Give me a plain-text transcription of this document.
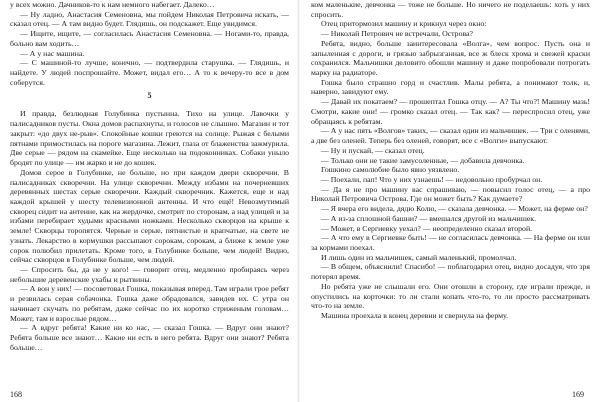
у всех можно. Дачников-то к нам немного набегает. Далеко…

— Ну ладно, Анастасия Семеновна, мы пойдем Николая Петровича искать, — сказал отец. — А там видно будет. Глядишь, он подскажет. Еще увидимся.

— Ищите, ищите, — согласилась Анастасия Семеновна. — Ногами-то, правда, больно вам ходить…

— А у нас машина.

— С машиной-то лучше, конечно, — подтвердила старушка. — Глядишь, и найдете. У людей поспрошайте. Может, видал его… А то к вечеру-то все в дом соберутся.

5

И правда, безлюдная Голубинка пустынна. Тихо на улице. Лавочки у палисадников пусты. Окна домов распахнуты, и голосов не слышно. Магазин и тот закрыт: «до двух не-рыв». Спокойные кошки греются на солнце. Рыжая с белыми пятнами примостилась на пороге магазина. Лежит, глаза от блаженства зажмурила. Две серые — рядом на скамейке. Еще несколько на подоконниках. Собаки уныло бродят по улице — им жарко и не до кошек.

Домов серое в Голубинке, не больше, но при каждом двери скворечни. В палисадниках скворечни. На улице скворечни. Между избами на почерневших деревянных шестах серые скворечни. Каждый скворечник. Кажется, еще и над каждой крышей у шесту телевизионной антенны. И что ещё! Невозмутимый скворец сидит на антенне, как на жердочке, смотрит по сторонам, а над улицей и за избами перебирает худыми красными ножками. Несколько скворцов на крыше к земле! Скворцы торопятся. Черные и серые, пятнистые и крапчатые, на свете не узнать. Лекарство в кормушки рассыпают сорокам, сорокам, а ближе к земле уже сорок полюбил прилетать. Кроме того, в Голубинке больше, чем людей! Видно, сейчас скворцов в Голубинке больше, чем людей.

— Спросить бы, да не у кого! — говорит отец, медленно пробираясь через небольшие деревенские ухабы и рытвины.

— А вон у них! — посоветовал Гошка, показывая вперед. Там играли трое ребят и резвилась серая собачонка. Гошка даже обрадовался, завидев их. С утра он начинает скучать по ребятам, даже сейчас по их коротко стриженым головам… Может, там и взрослые рядом…

— А вдруг ребята! Какие ни ко нас, — сказал Гошка. — Вдруг они знают? Ребята больше все знают… Какие ни есть в него ребята. Вдруг они знают? Ребята больше…

168

ком маленькие, девчонка — тоже не больше. Но ничего не поделаешь: хоть у них спросить.

Отец притормозил машину и крикнул через окно:

— Николай Петрович не встречали, Острова?

Ребята, видно, больше заинтересовала «Волга», чем вопрос. Пусть она и запыленная с дороги, и грязью забрызганная, все ж блеск хрома и свежей краски сохранился. Мальчишки деловито обошли машину и даже попробовали потрогать марку на радиаторе.

Гошка было страшно горд и счастлив. Малы ребята, а понимают толк, и, наверно, завидуют ему.

— Давай их покатаем? — прошептал Гошка отцу. — А? Ты что?! Машину мазь! Смотри, какие они! — громко сказал отец. — Так как? — переспросил отец, уже обращаясь к ребятам.

— А у нас пять «Волгов» таких, — сказал один из мальчишек. — Три с оленями, а две без оленей. Теперь без оленей, говорят, все с «Волги» выпускают.

— Ну и пускай, — сказал отец.

— Только они не такие замусоленные, — добавила девчонка.

Гошкино самолюбие было явно уязвлено.

— Поехали, пап! Что у них узнаешь! — недовольно пробурчал он.

— Да я не про машину вас спрашиваю, — повысил голос отец, — а про Николай Петровича Острова. Где он может быть? Как думаете?

— Я вчера его видела, дядю Колю, — сказала девчонка. — Может, на ферме он?

— А из-за сплошной башни? — вмешался другой из мальчишек.

— Может, в Сергиевку уехал? — неопределенно сказал второй.

— А что ему в Сергиевке быть! — не согласилась девчонка. — На ферме он или за кормами поехал.

И лишь один из мальчишек, самый маленький, промолчал.

— В общем, объяснили! Спасибо! — поблагодарил отец, видно досадуя, что зря потерял время.

Но ребята уже не слышали его. Они отошли в сторону, где играли прежде, и опустились на корточки: то ли стали копать что-то, то ли просто рассматривать что-то на земле.

Машина проехала в конец деревни и свернула на ферму.

169
